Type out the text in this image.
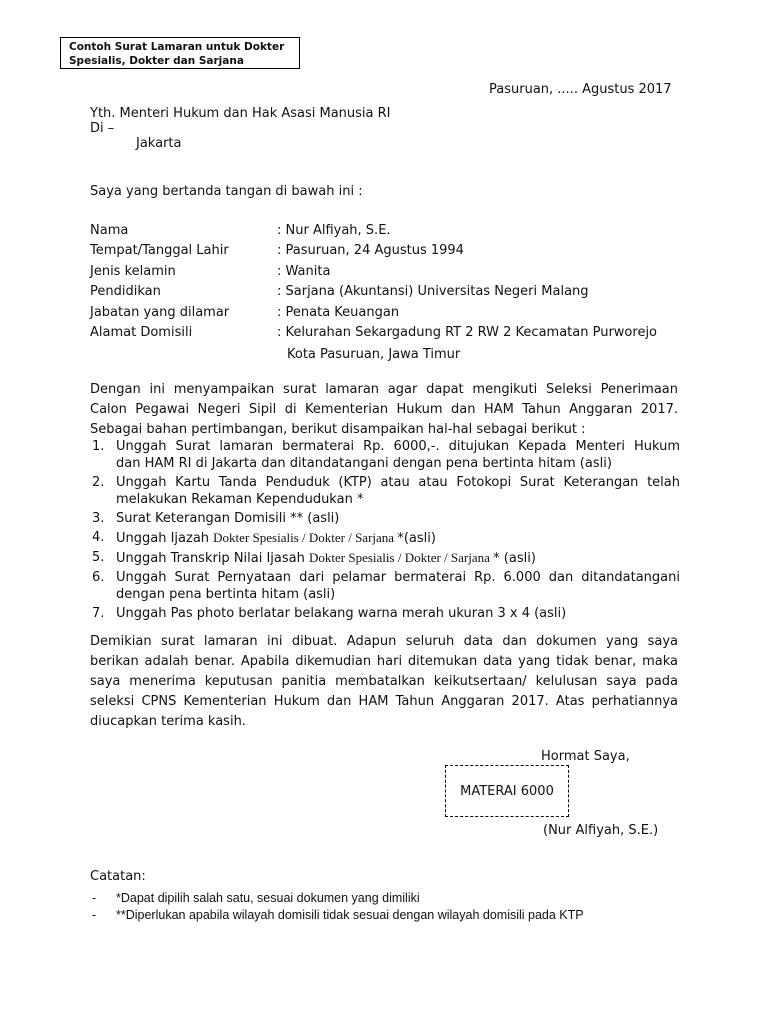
Contoh Surat Lamaran untuk Dokter
Spesialis, Dokter dan Sarjana
Pasuruan, ..... Agustus 2017
Yth. Menteri Hukum dan Hak Asasi Manusia RI
Di –
Jakarta
Saya yang bertanda tangan di bawah ini :
Nama	: Nur Alfiyah, S.E.
Tempat/Tanggal Lahir	: Pasuruan, 24 Agustus 1994
Jenis kelamin	: Wanita
Pendidikan	: Sarjana (Akuntansi) Universitas Negeri Malang
Jabatan yang dilamar	: Penata Keuangan
Alamat Domisili	: Kelurahan Sekargadung RT 2 RW 2 Kecamatan Purworejo
Kota Pasuruan, Jawa Timur
Dengan ini menyampaikan surat lamaran agar dapat mengikuti Seleksi Penerimaan
Calon Pegawai Negeri Sipil di Kementerian Hukum dan HAM Tahun Anggaran 2017.
Sebagai bahan pertimbangan, berikut disampaikan hal-hal sebagai berikut :
1. Unggah Surat lamaran bermaterai Rp. 6000,-. ditujukan Kepada Menteri Hukum
dan HAM RI di Jakarta dan ditandatangani dengan pena bertinta hitam (asli)
2. Unggah Kartu Tanda Penduduk (KTP) atau atau Fotokopi Surat Keterangan telah
melakukan Rekaman Kependudukan *
3. Surat Keterangan Domisili ** (asli)
4. Unggah Ijazah Dokter Spesialis / Dokter / Sarjana *(asli)
5. Unggah Transkrip Nilai Ijasah Dokter Spesialis / Dokter / Sarjana * (asli)
6. Unggah Surat Pernyataan dari pelamar bermaterai Rp. 6.000 dan ditandatangani
dengan pena bertinta hitam (asli)
7. Unggah Pas photo berlatar belakang warna merah ukuran 3 x 4 (asli)
Demikian surat lamaran ini dibuat. Adapun seluruh data dan dokumen yang saya
berikan adalah benar. Apabila dikemudian hari ditemukan data yang tidak benar, maka
saya menerima keputusan panitia membatalkan keikutsertaan/ kelulusan saya pada
seleksi CPNS Kementerian Hukum dan HAM Tahun Anggaran 2017. Atas perhatiannya
diucapkan terima kasih.
Hormat Saya,
MATERAI 6000
(Nur Alfiyah, S.E.)
Catatan:
- *Dapat dipilih salah satu, sesuai dokumen yang dimiliki
- **Diperlukan apabila wilayah domisili tidak sesuai dengan wilayah domisili pada KTP
